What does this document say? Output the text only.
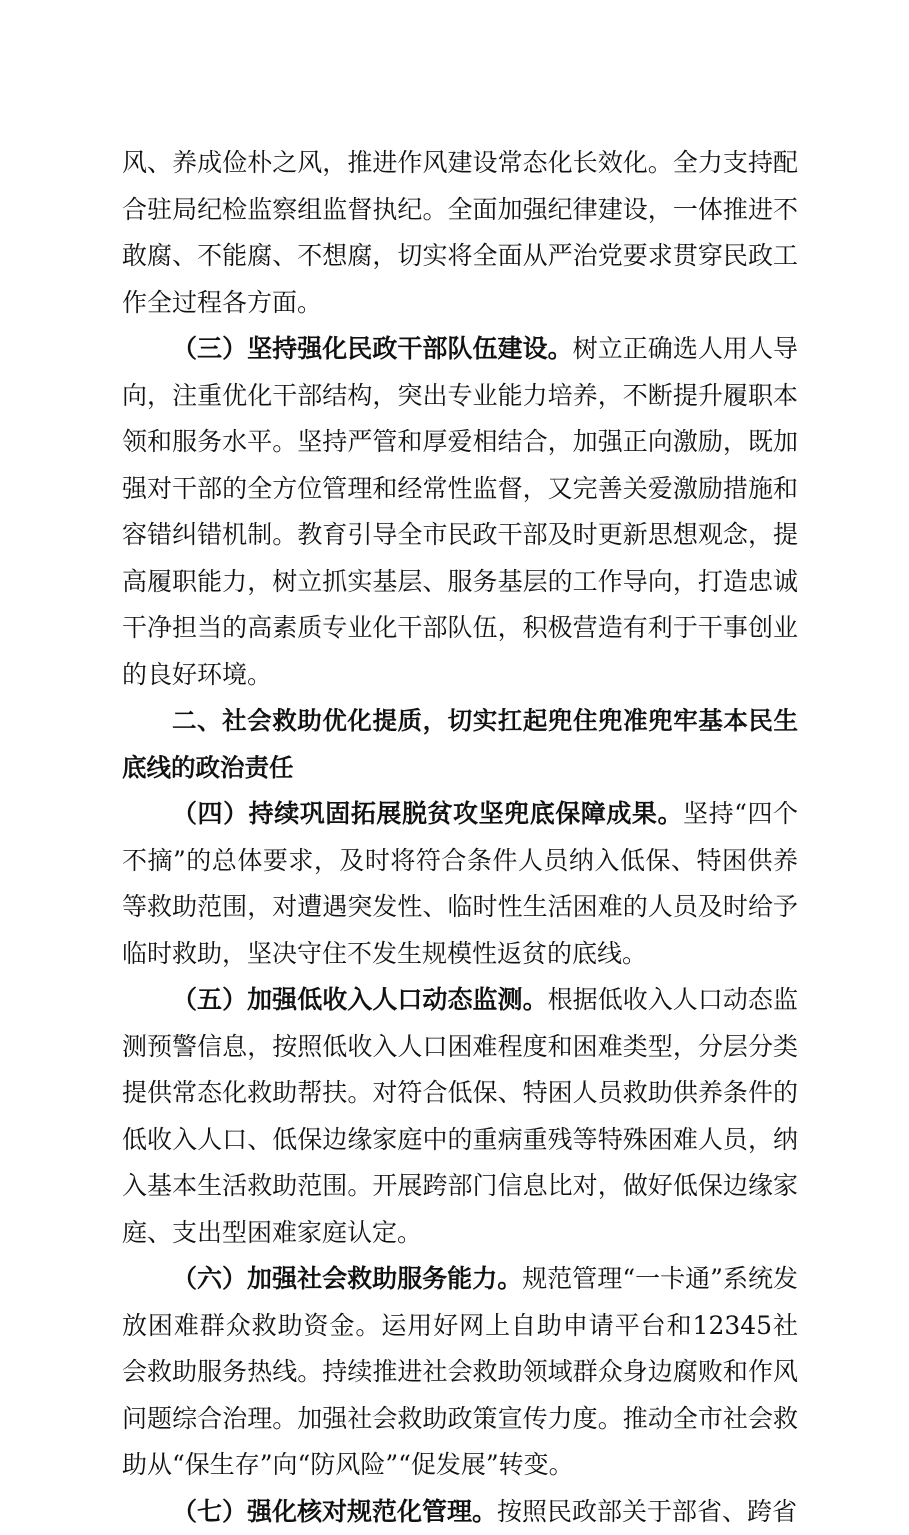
风、养成俭朴之风，推进作风建设常态化长效化。全力支持配合驻局纪检监察组监督执纪。全面加强纪律建设，一体推进不敢腐、不能腐、不想腐，切实将全面从严治党要求贯穿民政工作全过程各方面。

（三）坚持强化民政干部队伍建设。树立正确选人用人导向，注重优化干部结构，突出专业能力培养，不断提升履职本领和服务水平。坚持严管和厚爱相结合，加强正向激励，既加强对干部的全方位管理和经常性监督，又完善关爱激励措施和容错纠错机制。教育引导全市民政干部及时更新思想观念，提高履职能力，树立抓实基层、服务基层的工作导向，打造忠诚干净担当的高素质专业化干部队伍，积极营造有利于干事创业的良好环境。

二、社会救助优化提质，切实扛起兜住兜准兜牢基本民生底线的政治责任

（四）持续巩固拓展脱贫攻坚兜底保障成果。坚持“四个不摘”的总体要求，及时将符合条件人员纳入低保、特困供养等救助范围，对遭遇突发性、临时性生活困难的人员及时给予临时救助，坚决守住不发生规模性返贫的底线。

（五）加强低收入人口动态监测。根据低收入人口动态监测预警信息，按照低收入人口困难程度和困难类型，分层分类提供常态化救助帮扶。对符合低保、特困人员救助供养条件的低收入人口、低保边缘家庭中的重病重残等特殊困难人员，纳入基本生活救助范围。开展跨部门信息比对，做好低保边缘家庭、支出型困难家庭认定。

（六）加强社会救助服务能力。规范管理“一卡通”系统发放困难群众救助资金。运用好网上自助申请平台和12345社会救助服务热线。持续推进社会救助领域群众身边腐败和作风问题综合治理。加强社会救助政策宣传力度。推动全市社会救助从“保生存”向“防风险”“促发展”转变。

（七）强化核对规范化管理。按照民政部关于部省、跨省
